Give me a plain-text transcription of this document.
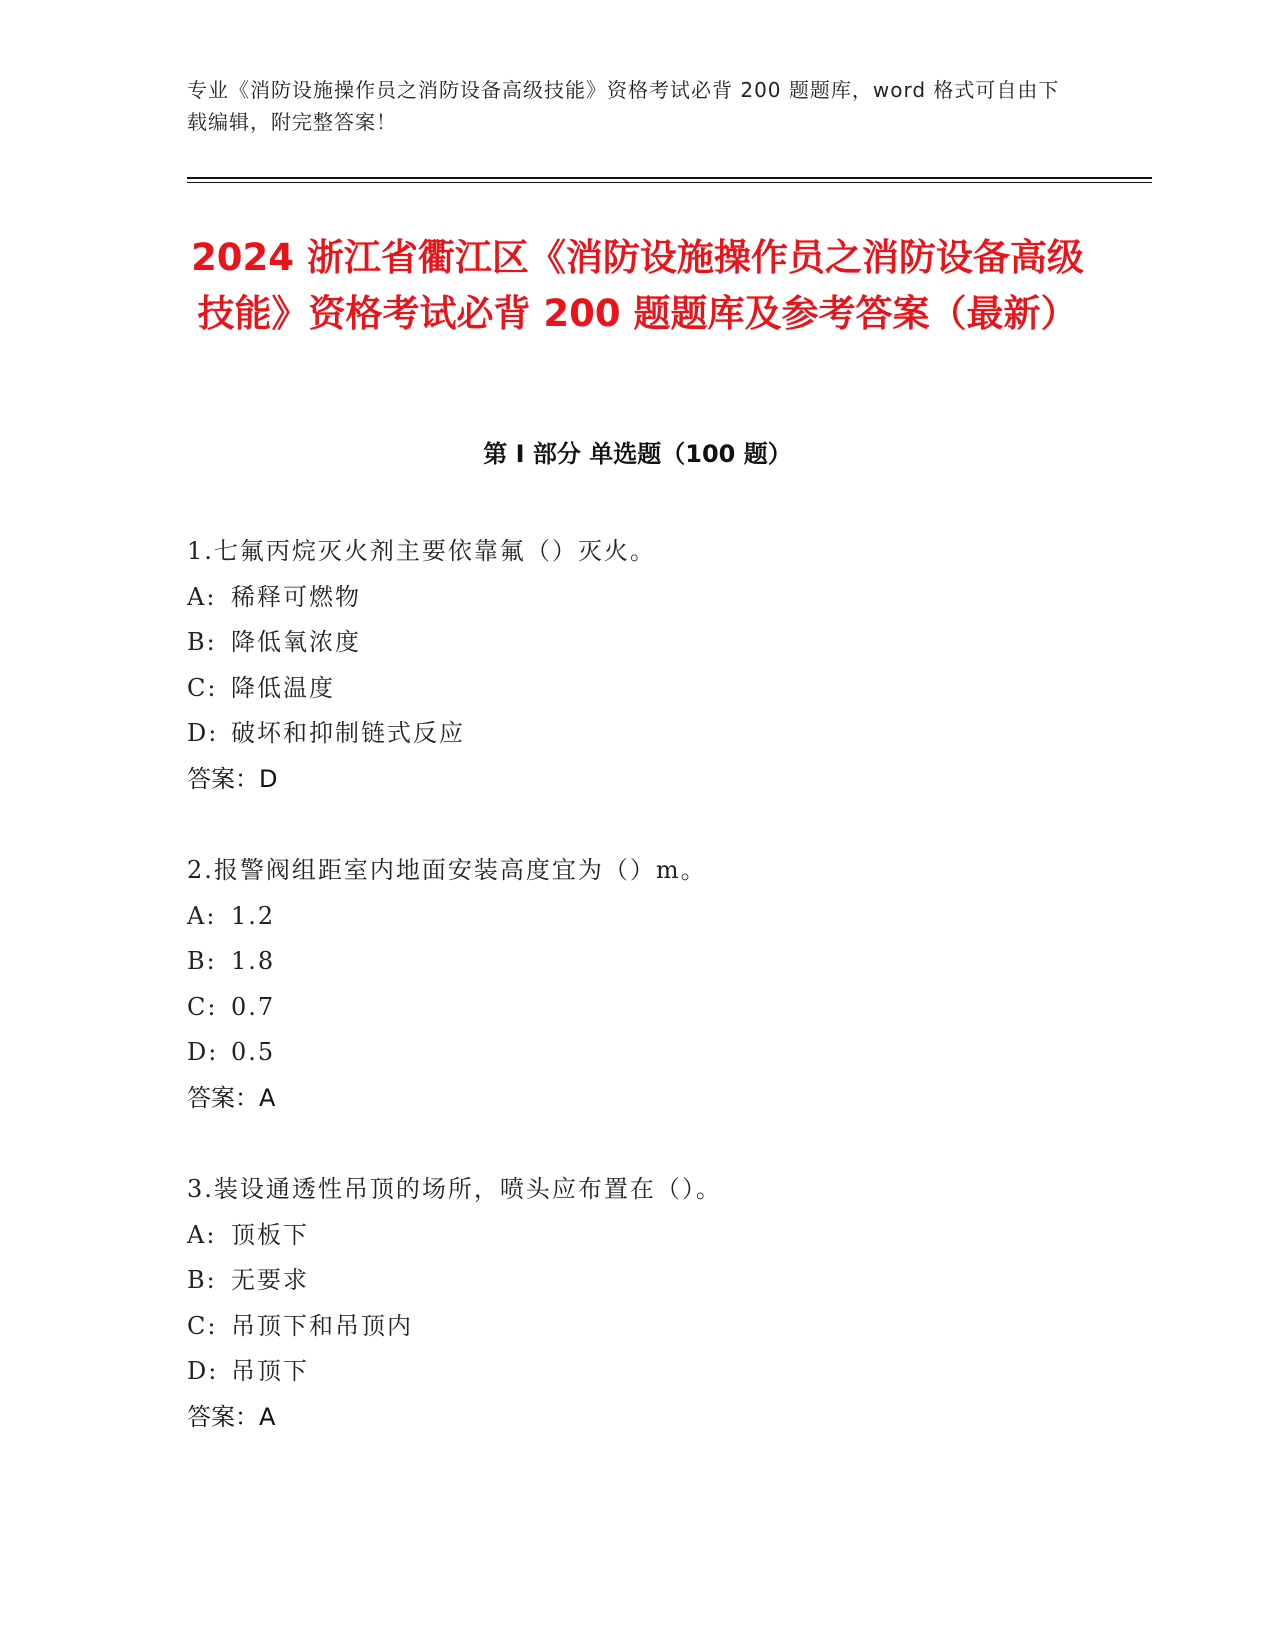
专业《消防设施操作员之消防设备高级技能》资格考试必背 200 题题库，word 格式可自由下载编辑，附完整答案！
2024 浙江省衢江区《消防设施操作员之消防设备高级技能》资格考试必背 200 题题库及参考答案（最新）
第 I 部分 单选题（100 题）
1.七氟丙烷灭火剂主要依靠氟（）灭火。
A: 稀释可燃物
B: 降低氧浓度
C: 降低温度
D: 破坏和抑制链式反应
答案：D
2.报警阀组距室内地面安装高度宜为（）m。
A: 1.2
B: 1.8
C: 0.7
D: 0.5
答案：A
3.装设通透性吊顶的场所，喷头应布置在（）。
A: 顶板下
B: 无要求
C: 吊顶下和吊顶内
D: 吊顶下
答案：A
